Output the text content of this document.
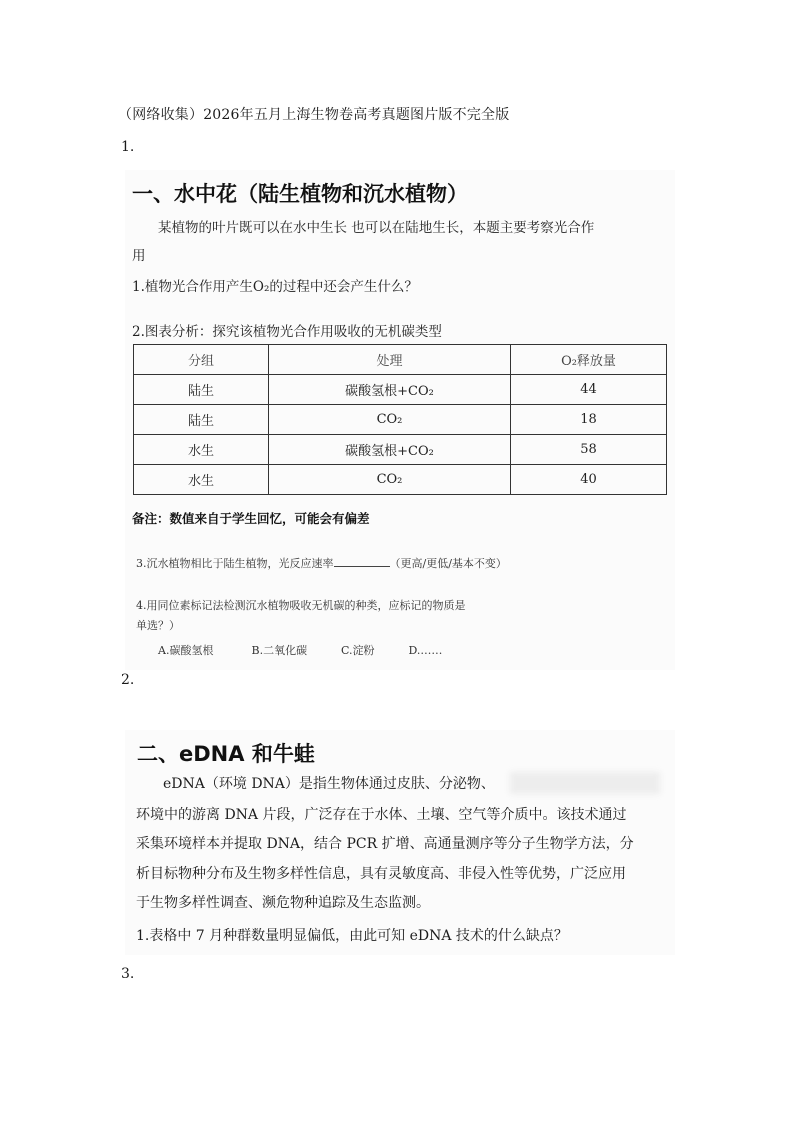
（网络收集）2026年五月上海生物卷高考真题图片版不完全版
1.
一、水中花（陆生植物和沉水植物）
某植物的叶片既可以在水中生长 也可以在陆地生长，本题主要考察光合作
用
1.植物光合作用产生O₂的过程中还会产生什么？
2.图表分析：探究该植物光合作用吸收的无机碳类型
分组	处理	O₂释放量
陆生	碳酸氢根+CO₂	44
陆生	CO₂	18
水生	碳酸氢根+CO₂	58
水生	CO₂	40
备注：数值来自于学生回忆，可能会有偏差
3.沉水植物相比于陆生植物，光反应速率	（更高/更低/基本不变）
4.用同位素标记法检测沉水植物吸收无机碳的种类，应标记的物质是
单选？）
A.碳酸氢根	B.二氧化碳	C.淀粉	D.……
2.
二、eDNA 和牛蛙
eDNA（环境 DNA）是指生物体通过皮肤、分泌物、
环境中的游离 DNA 片段，广泛存在于水体、土壤、空气等介质中。该技术通过
采集环境样本并提取 DNA，结合 PCR 扩增、高通量测序等分子生物学方法，分
析目标物种分布及生物多样性信息，具有灵敏度高、非侵入性等优势，广泛应用
于生物多样性调查、濒危物种追踪及生态监测。
1.表格中 7 月种群数量明显偏低，由此可知 eDNA 技术的什么缺点？
3.
